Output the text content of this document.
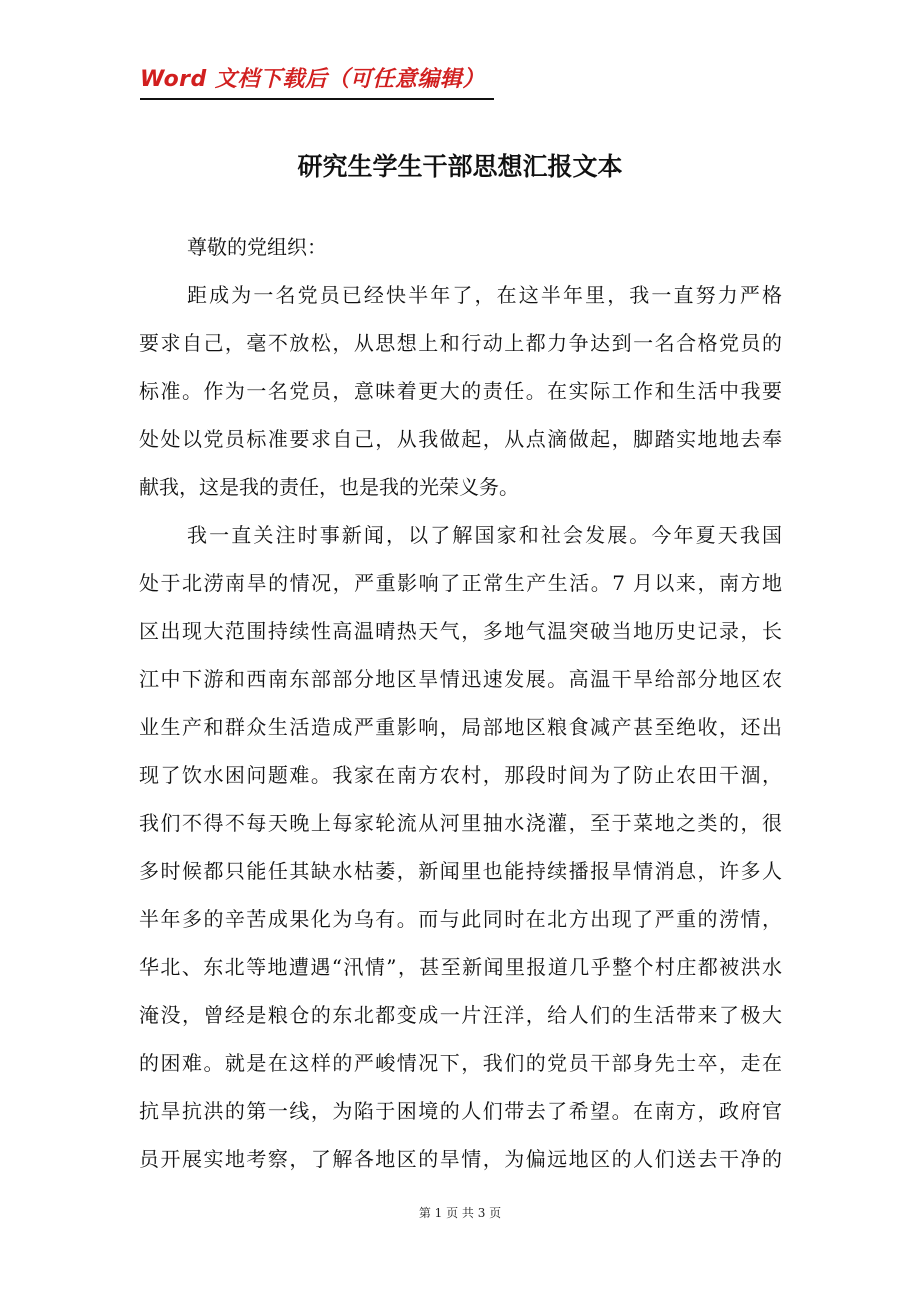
Word 文档下载后（可任意编辑）
研究生学生干部思想汇报文本
尊敬的党组织：
距成为一名党员已经快半年了，在这半年里，我一直努力严格
要求自己，毫不放松，从思想上和行动上都力争达到一名合格党员的
标准。作为一名党员，意味着更大的责任。在实际工作和生活中我要
处处以党员标准要求自己，从我做起，从点滴做起，脚踏实地地去奉
献我，这是我的责任，也是我的光荣义务。
我一直关注时事新闻，以了解国家和社会发展。今年夏天我国
处于北涝南旱的情况，严重影响了正常生产生活。7 月以来，南方地
区出现大范围持续性高温晴热天气，多地气温突破当地历史记录，长
江中下游和西南东部部分地区旱情迅速发展。高温干旱给部分地区农
业生产和群众生活造成严重影响，局部地区粮食减产甚至绝收，还出
现了饮水困问题难。我家在南方农村，那段时间为了防止农田干涸，
我们不得不每天晚上每家轮流从河里抽水浇灌，至于菜地之类的，很
多时候都只能任其缺水枯萎，新闻里也能持续播报旱情消息，许多人
半年多的辛苦成果化为乌有。而与此同时在北方出现了严重的涝情，
华北、东北等地遭遇“汛情”，甚至新闻里报道几乎整个村庄都被洪水
淹没，曾经是粮仓的东北都变成一片汪洋，给人们的生活带来了极大
的困难。就是在这样的严峻情况下，我们的党员干部身先士卒，走在
抗旱抗洪的第一线，为陷于困境的人们带去了希望。在南方，政府官
员开展实地考察，了解各地区的旱情，为偏远地区的人们送去干净的
第 1 页 共 3 页
